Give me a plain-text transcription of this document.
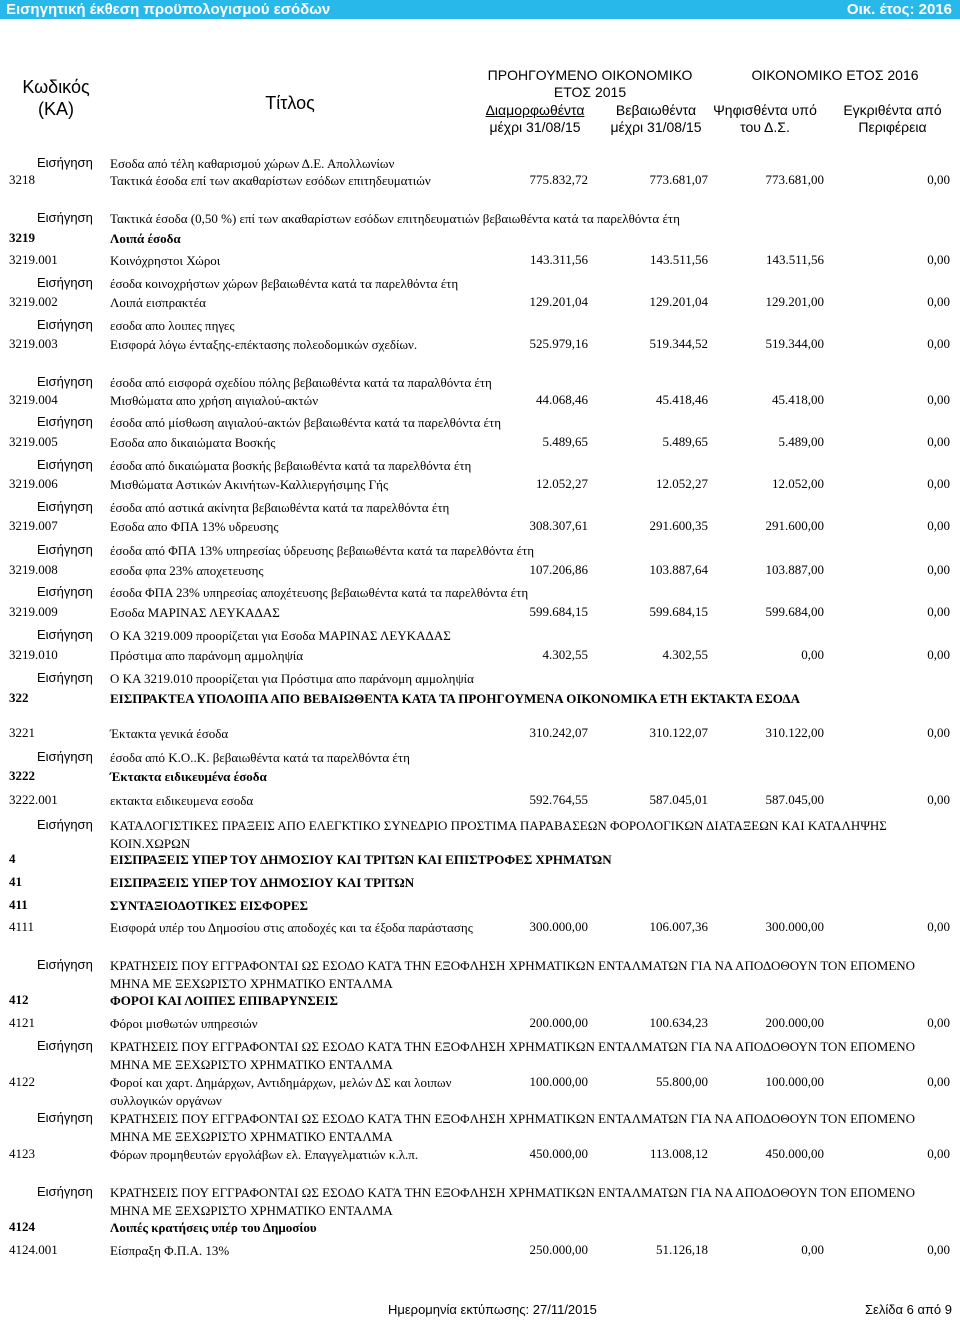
Εισηγητική έκθεση προϋπολογισμού εσόδων	Οικ. έτος: 2016
Κωδικός
(ΚΑ)	Τίτλος
ΠΡΟΗΓΟΥΜΕΝΟ ΟΙΚΟΝΟΜΙΚΟ
ΕΤΟΣ 2015
ΟΙΚΟΝΟΜΙΚΟ ΕΤΟΣ 2016
Διαμορφωθέντα
μέχρι 31/08/15
Βεβαιωθέντα
μέχρι 31/08/15
Ψηφισθέντα υπό
του Δ.Σ.
Εγκριθέντα από
Περιφέρεια
Εισήγηση Εσοδα από τέλη καθαρισμού χώρων Δ.Ε. Απολλωνίων
3218	Τακτικά έσοδα επί των ακαθαρίστων εσόδων επιτηδευματιών	775.832,72	773.681,07	773.681,00	0,00
Εισήγηση Τακτικά έσοδα (0,50 %) επί των ακαθαρίστων εσόδων επιτηδευματιών βεβαιωθέντα κατά τα παρελθόντα έτη
3219	Λοιπά έσοδα
3219.001	Κοινόχρηστοι Χώροι	143.311,56	143.511,56	143.511,56	0,00
Εισήγηση έσοδα κοινοχρήστων χώρων βεβαιωθέντα κατά τα παρελθόντα έτη
3219.002	Λοιπά εισπρακτέα	129.201,04	129.201,04	129.201,00	0,00
Εισήγηση εσοδα απο λοιπες πηγες
3219.003	Εισφορά λόγω ένταξης-επέκτασης πολεοδομικών σχεδίων.	525.979,16	519.344,52	519.344,00	0,00
Εισήγηση έσοδα από εισφορά σχεδίου πόλης βεβαιωθέντα κατά τα παραλθόντα έτη
3219.004	Μισθώματα απο χρήση αιγιαλού-ακτών	44.068,46	45.418,46	45.418,00	0,00
Εισήγηση έσοδα από μίσθωση αιγιαλού-ακτών βεβαιωθέντα κατά τα παρελθόντα έτη
3219.005	Εσοδα απο δικαιώματα Βοσκής	5.489,65	5.489,65	5.489,00	0,00
Εισήγηση έσοδα από δικαιώματα βοσκής βεβαιωθέντα κατά τα παρελθόντα έτη
3219.006	Μισθώματα Αστικών Ακινήτων-Καλλιεργήσιμης Γής	12.052,27	12.052,27	12.052,00	0,00
Εισήγηση έσοδα από αστικά ακίνητα βεβαιωθέντα κατά τα παρελθόντα έτη
3219.007	Εσοδα απο ΦΠΑ 13% υδρευσης	308.307,61	291.600,35	291.600,00	0,00
Εισήγηση έσοδα από ΦΠΑ 13% υπηρεσίας ύδρευσης βεβαιωθέντα κατά τα παρελθόντα έτη
3219.008	εσοδα φπα 23% αποχετευσης	107.206,86	103.887,64	103.887,00	0,00
Εισήγηση έσοδα ΦΠΑ 23% υπηρεσίας αποχέτευσης βεβαιωθέντα κατά τα παρελθόντα έτη
3219.009	Εσοδα ΜΑΡΙΝΑΣ ΛΕΥΚΑΔΑΣ	599.684,15	599.684,15	599.684,00	0,00
Εισήγηση Ο ΚΑ 3219.009 προορίζεται για Εσοδα ΜΑΡΙΝΑΣ ΛΕΥΚΑΔΑΣ
3219.010	Πρόστιμα απο παράνομη αμμοληψία	4.302,55	4.302,55	0,00	0,00
Εισήγηση Ο ΚΑ 3219.010 προορίζεται για Πρόστιμα απο παράνομη αμμοληψία
322	ΕΙΣΠΡΑΚΤΕΑ ΥΠΟΛΟΙΠΑ ΑΠΟ ΒΕΒΑΙΩΘΕΝΤΑ ΚΑΤΑ ΤΑ ΠΡΟΗΓΟΥΜΕΝΑ ΟΙΚΟΝΟΜΙΚΑ ΕΤΗ ΕΚΤΑΚΤΑ ΕΣΟΔΑ
3221	Έκτακτα γενικά έσοδα	310.242,07	310.122,07	310.122,00	0,00
Εισήγηση έσοδα από Κ.Ο..Κ. βεβαιωθέντα κατά τα παρελθόντα έτη
3222	Έκτακτα ειδικευμένα έσοδα
3222.001	εκτακτα ειδικευμενα εσοδα	592.764,55	587.045,01	587.045,00	0,00
Εισήγηση ΚΑΤΑΛΟΓΙΣΤΙΚΕΣ ΠΡΑΞΕΙΣ ΑΠΟ ΕΛΕΓΚΤΙΚΟ ΣΥΝΕΔΡΙΟ ΠΡΟΣΤΙΜΑ ΠΑΡΑΒΑΣΕΩΝ ΦΟΡΟΛΟΓΙΚΩΝ ΔΙΑΤΑΞΕΩΝ ΚΑΙ ΚΑΤΑΛΗΨΗΣ ΚΟΙΝ.ΧΩΡΩΝ
4	ΕΙΣΠΡΑΞΕΙΣ ΥΠΕΡ ΤΟΥ ΔΗΜΟΣΙΟΥ ΚΑΙ ΤΡΙΤΩΝ ΚΑΙ ΕΠΙΣΤΡΟΦΕΣ ΧΡΗΜΑΤΩΝ
41	ΕΙΣΠΡΑΞΕΙΣ ΥΠΕΡ ΤΟΥ ΔΗΜΟΣΙΟΥ ΚΑΙ ΤΡΙΤΩΝ
411	ΣΥΝΤΑΞΙΟΔΟΤΙΚΕΣ ΕΙΣΦΟΡΕΣ
4111	Εισφορά υπέρ του Δημοσίου στις αποδοχές και τα έξοδα παράστασης	300.000,00	106.007,36	300.000,00	0,00
Εισήγηση ΚΡΑΤΗΣΕΙΣ ΠΟΥ ΕΓΓΡΑΦΟΝΤΑΙ ΩΣ ΕΣΟΔΟ ΚΑΤΆ ΤΗΝ ΕΞΟΦΛΗΣΗ ΧΡΗΜΑΤΙΚΩΝ ΕΝΤΑΛΜΑΤΩΝ ΓΙΑ ΝΑ ΑΠΟΔΟΘΟΥΝ ΤΟΝ ΕΠΟΜΕΝΟ ΜΗΝΑ ΜΕ ΞΕΧΩΡΙΣΤΟ ΧΡΗΜΑΤΙΚΟ ΕΝΤΑΛΜΑ
412	ΦΟΡΟΙ ΚΑΙ ΛΟΙΠΕΣ ΕΠΙΒΑΡΥΝΣΕΙΣ
4121	Φόροι μισθωτών υπηρεσιών	200.000,00	100.634,23	200.000,00	0,00
Εισήγηση ΚΡΑΤΗΣΕΙΣ ΠΟΥ ΕΓΓΡΑΦΟΝΤΑΙ ΩΣ ΕΣΟΔΟ ΚΑΤΆ ΤΗΝ ΕΞΟΦΛΗΣΗ ΧΡΗΜΑΤΙΚΩΝ ΕΝΤΑΛΜΑΤΩΝ ΓΙΑ ΝΑ ΑΠΟΔΟΘΟΥΝ ΤΟΝ ΕΠΟΜΕΝΟ ΜΗΝΑ ΜΕ ΞΕΧΩΡΙΣΤΟ ΧΡΗΜΑΤΙΚΟ ΕΝΤΑΛΜΑ
4122	Φοροί και χαρτ. Δημάρχων, Αντιδημάρχων, μελών ΔΣ και λοιπων συλλογικών οργάνων
100.000,00	55.800,00	100.000,00	0,00
Εισήγηση ΚΡΑΤΗΣΕΙΣ ΠΟΥ ΕΓΓΡΑΦΟΝΤΑΙ ΩΣ ΕΣΟΔΟ ΚΑΤΆ ΤΗΝ ΕΞΟΦΛΗΣΗ ΧΡΗΜΑΤΙΚΩΝ ΕΝΤΑΛΜΑΤΩΝ ΓΙΑ ΝΑ ΑΠΟΔΟΘΟΥΝ ΤΟΝ ΕΠΟΜΕΝΟ ΜΗΝΑ ΜΕ ΞΕΧΩΡΙΣΤΟ ΧΡΗΜΑΤΙΚΟ ΕΝΤΑΛΜΑ
4123	Φόρων προμηθευτών εργολάβων ελ. Επαγγελματιών κ.λ.π.	450.000,00	113.008,12	450.000,00	0,00
Εισήγηση ΚΡΑΤΗΣΕΙΣ ΠΟΥ ΕΓΓΡΑΦΟΝΤΑΙ ΩΣ ΕΣΟΔΟ ΚΑΤΆ ΤΗΝ ΕΞΟΦΛΗΣΗ ΧΡΗΜΑΤΙΚΩΝ ΕΝΤΑΛΜΑΤΩΝ ΓΙΑ ΝΑ ΑΠΟΔΟΘΟΥΝ ΤΟΝ ΕΠΟΜΕΝΟ ΜΗΝΑ ΜΕ ΞΕΧΩΡΙΣΤΟ ΧΡΗΜΑΤΙΚΟ ΕΝΤΑΛΜΑ
4124	Λοιπές κρατήσεις υπέρ του Δημοσίου
4124.001	Είσπραξη Φ.Π.Α. 13%	250.000,00	51.126,18	0,00	0,00
Ημερομηνία εκτύπωσης: 27/11/2015	Σελίδα 6 από 9
